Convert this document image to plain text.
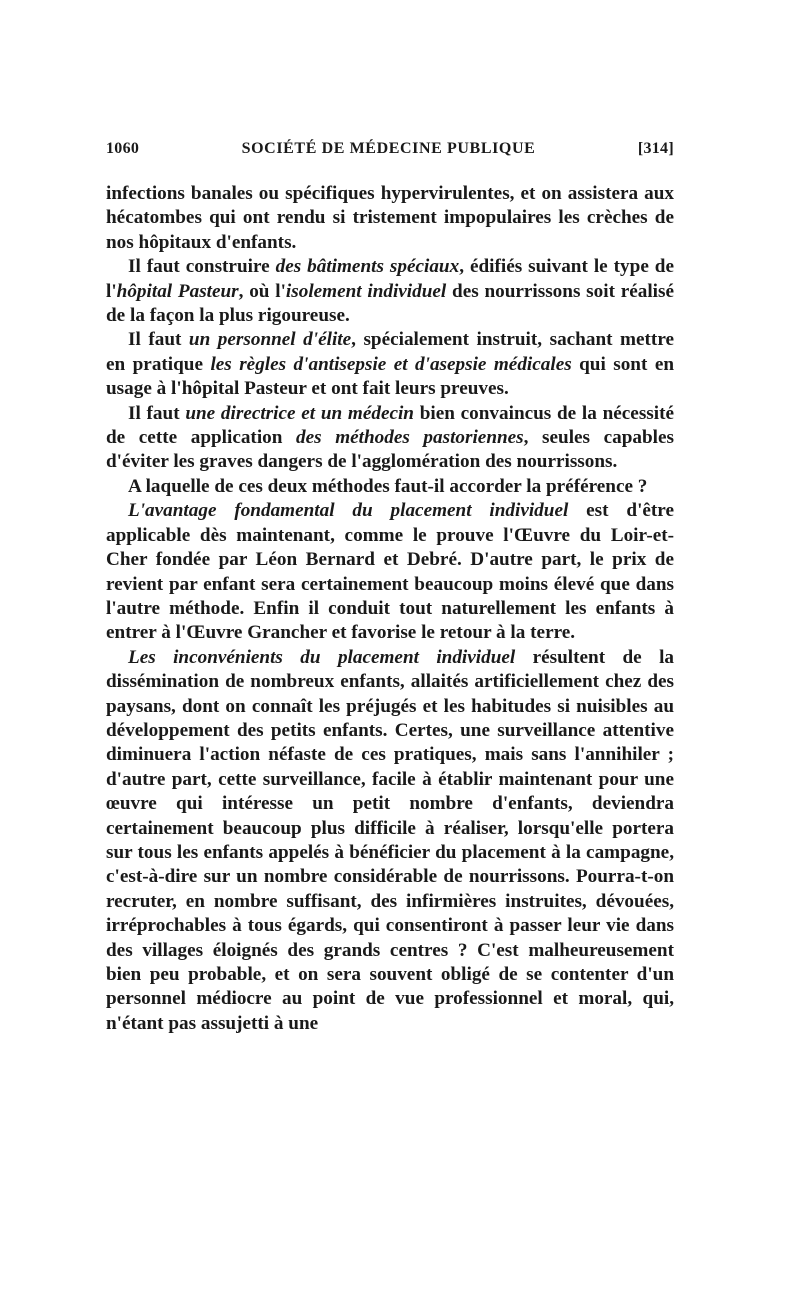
1060	SOCIÉTÉ DE MÉDECINE PUBLIQUE	[314]

infections banales ou spécifiques hypervirulentes, et on assistera aux hécatombes qui ont rendu si tristement impopulaires les crèches de nos hôpitaux d'enfants.

Il faut construire des bâtiments spéciaux, édifiés suivant le type de l'hôpital Pasteur, où l'isolement individuel des nourrissons soit réalisé de la façon la plus rigoureuse.

Il faut un personnel d'élite, spécialement instruit, sachant mettre en pratique les règles d'antisepsie et d'asepsie médicales qui sont en usage à l'hôpital Pasteur et ont fait leurs preuves.

Il faut une directrice et un médecin bien convaincus de la nécessité de cette application des méthodes pastoriennes, seules capables d'éviter les graves dangers de l'agglomération des nourrissons.

A laquelle de ces deux méthodes faut-il accorder la préférence ?

L'avantage fondamental du placement individuel est d'être applicable dès maintenant, comme le prouve l'Œuvre du Loir-et-Cher fondée par Léon Bernard et Debré. D'autre part, le prix de revient par enfant sera certainement beaucoup moins élevé que dans l'autre méthode. Enfin il conduit tout naturellement les enfants à entrer à l'Œuvre Grancher et favorise le retour à la terre.

Les inconvénients du placement individuel résultent de la dissémination de nombreux enfants, allaités artificiellement chez des paysans, dont on connaît les préjugés et les habitudes si nuisibles au développement des petits enfants. Certes, une surveillance attentive diminuera l'action néfaste de ces pratiques, mais sans l'annihiler ; d'autre part, cette surveillance, facile à établir maintenant pour une œuvre qui intéresse un petit nombre d'enfants, deviendra certainement beaucoup plus difficile à réaliser, lorsqu'elle portera sur tous les enfants appelés à bénéficier du placement à la campagne, c'est-à-dire sur un nombre considérable de nourrissons. Pourra-t-on recruter, en nombre suffisant, des infirmières instruites, dévouées, irréprochables à tous égards, qui consentiront à passer leur vie dans des villages éloignés des grands centres ? C'est malheureusement bien peu probable, et on sera souvent obligé de se contenter d'un personnel médiocre au point de vue professionnel et moral, qui, n'étant pas assujetti à une
